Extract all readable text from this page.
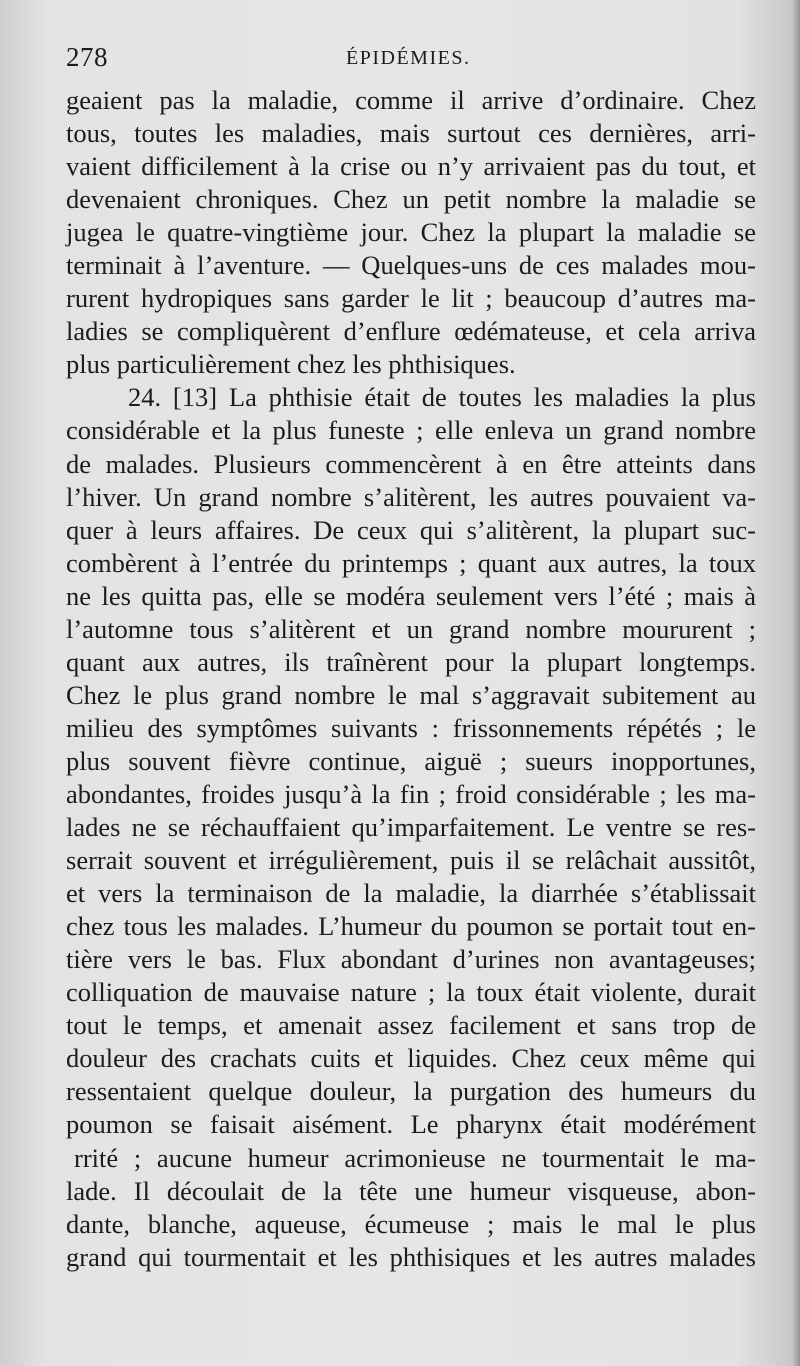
278	ÉPIDÉMIES.
geaient pas la maladie, comme il arrive d’ordinaire. Chez
tous, toutes les maladies, mais surtout ces dernières, arri-
vaient difficilement à la crise ou n’y arrivaient pas du tout, et
devenaient chroniques. Chez un petit nombre la maladie se
jugea le quatre-vingtième jour. Chez la plupart la maladie se
terminait à l’aventure. — Quelques-uns de ces malades mou-
rurent hydropiques sans garder le lit ; beaucoup d’autres ma-
ladies se compliquèrent d’enflure œdémateuse, et cela arriva
plus particulièrement chez les phthisiques.
24. [13] La phthisie était de toutes les maladies la plus
considérable et la plus funeste ; elle enleva un grand nombre
de malades. Plusieurs commencèrent à en être atteints dans
l’hiver. Un grand nombre s’alitèrent, les autres pouvaient va-
quer à leurs affaires. De ceux qui s’alitèrent, la plupart suc-
combèrent à l’entrée du printemps ; quant aux autres, la toux
ne les quitta pas, elle se modéra seulement vers l’été ; mais à
l’automne tous s’alitèrent et un grand nombre moururent ;
quant aux autres, ils traînèrent pour la plupart longtemps.
Chez le plus grand nombre le mal s’aggravait subitement au
milieu des symptômes suivants : frissonnements répétés ; le
plus souvent fièvre continue, aiguë ; sueurs inopportunes,
abondantes, froides jusqu’à la fin ; froid considérable ; les ma-
lades ne se réchauffaient qu’imparfaitement. Le ventre se res-
serrait souvent et irrégulièrement, puis il se relâchait aussitôt,
et vers la terminaison de la maladie, la diarrhée s’établissait
chez tous les malades. L’humeur du poumon se portait tout en-
tière vers le bas. Flux abondant d’urines non avantageuses;
colliquation de mauvaise nature ; la toux était violente, durait
tout le temps, et amenait assez facilement et sans trop de
douleur des crachats cuits et liquides. Chez ceux même qui
ressentaient quelque douleur, la purgation des humeurs du
poumon se faisait aisément. Le pharynx était modérément
rrité ; aucune humeur acrimonieuse ne tourmentait le ma-
lade. Il découlait de la tête une humeur visqueuse, abon-
dante, blanche, aqueuse, écumeuse ; mais le mal le plus
grand qui tourmentait et les phthisiques et les autres malades
